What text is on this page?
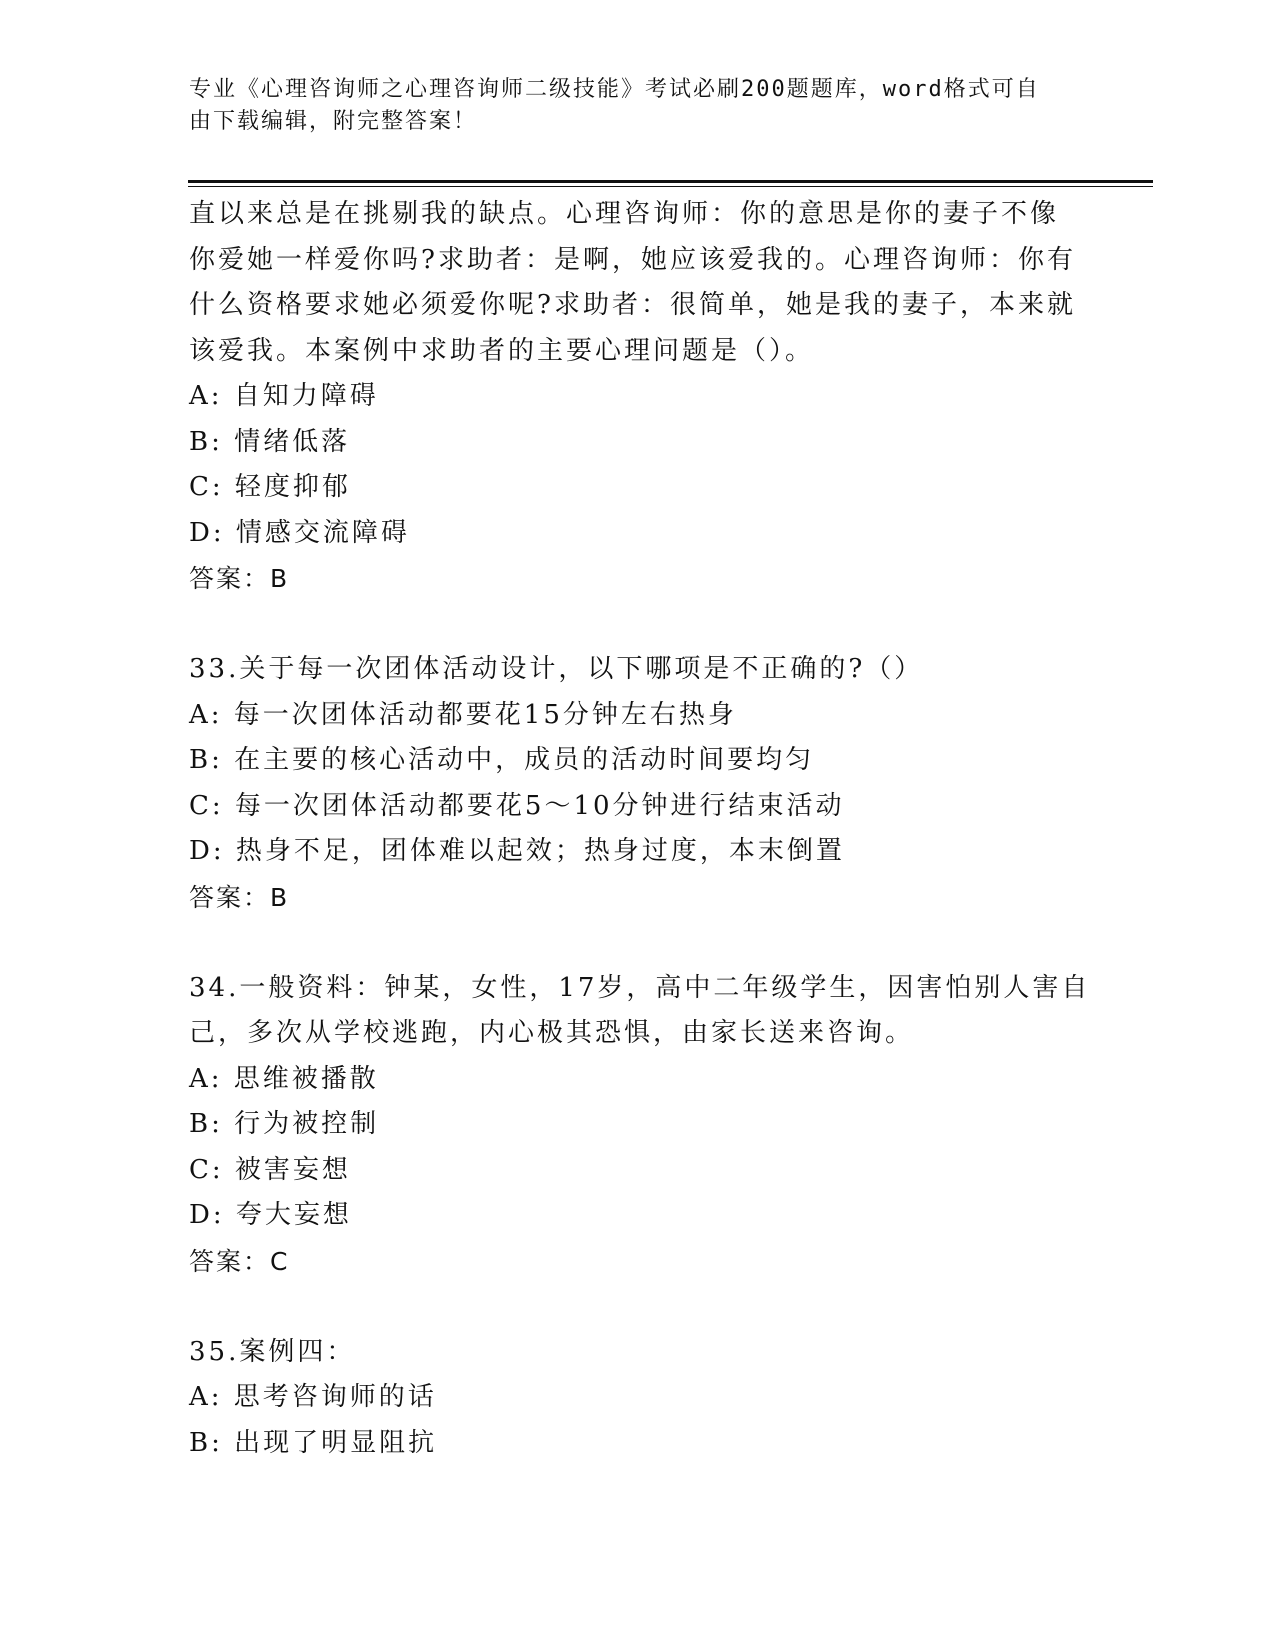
专业《心理咨询师之心理咨询师二级技能》考试必刷200题题库，word格式可自
由下载编辑，附完整答案！
直以来总是在挑剔我的缺点。心理咨询师：你的意思是你的妻子不像
你爱她一样爱你吗?求助者：是啊，她应该爱我的。心理咨询师：你有
什么资格要求她必须爱你呢?求助者：很简单，她是我的妻子，本来就
该爱我。本案例中求助者的主要心理问题是（）。
A: 自知力障碍
B: 情绪低落
C: 轻度抑郁
D: 情感交流障碍
答案：B
33.关于每一次团体活动设计，以下哪项是不正确的?（）
A: 每一次团体活动都要花15分钟左右热身
B: 在主要的核心活动中，成员的活动时间要均匀
C: 每一次团体活动都要花5～10分钟进行结束活动
D: 热身不足，团体难以起效；热身过度，本末倒置
答案：B
34.一般资料：钟某，女性，17岁，高中二年级学生，因害怕别人害自
己，多次从学校逃跑，内心极其恐惧，由家长送来咨询。
A: 思维被播散
B: 行为被控制
C: 被害妄想
D: 夸大妄想
答案：C
35.案例四：
A: 思考咨询师的话
B: 出现了明显阻抗
